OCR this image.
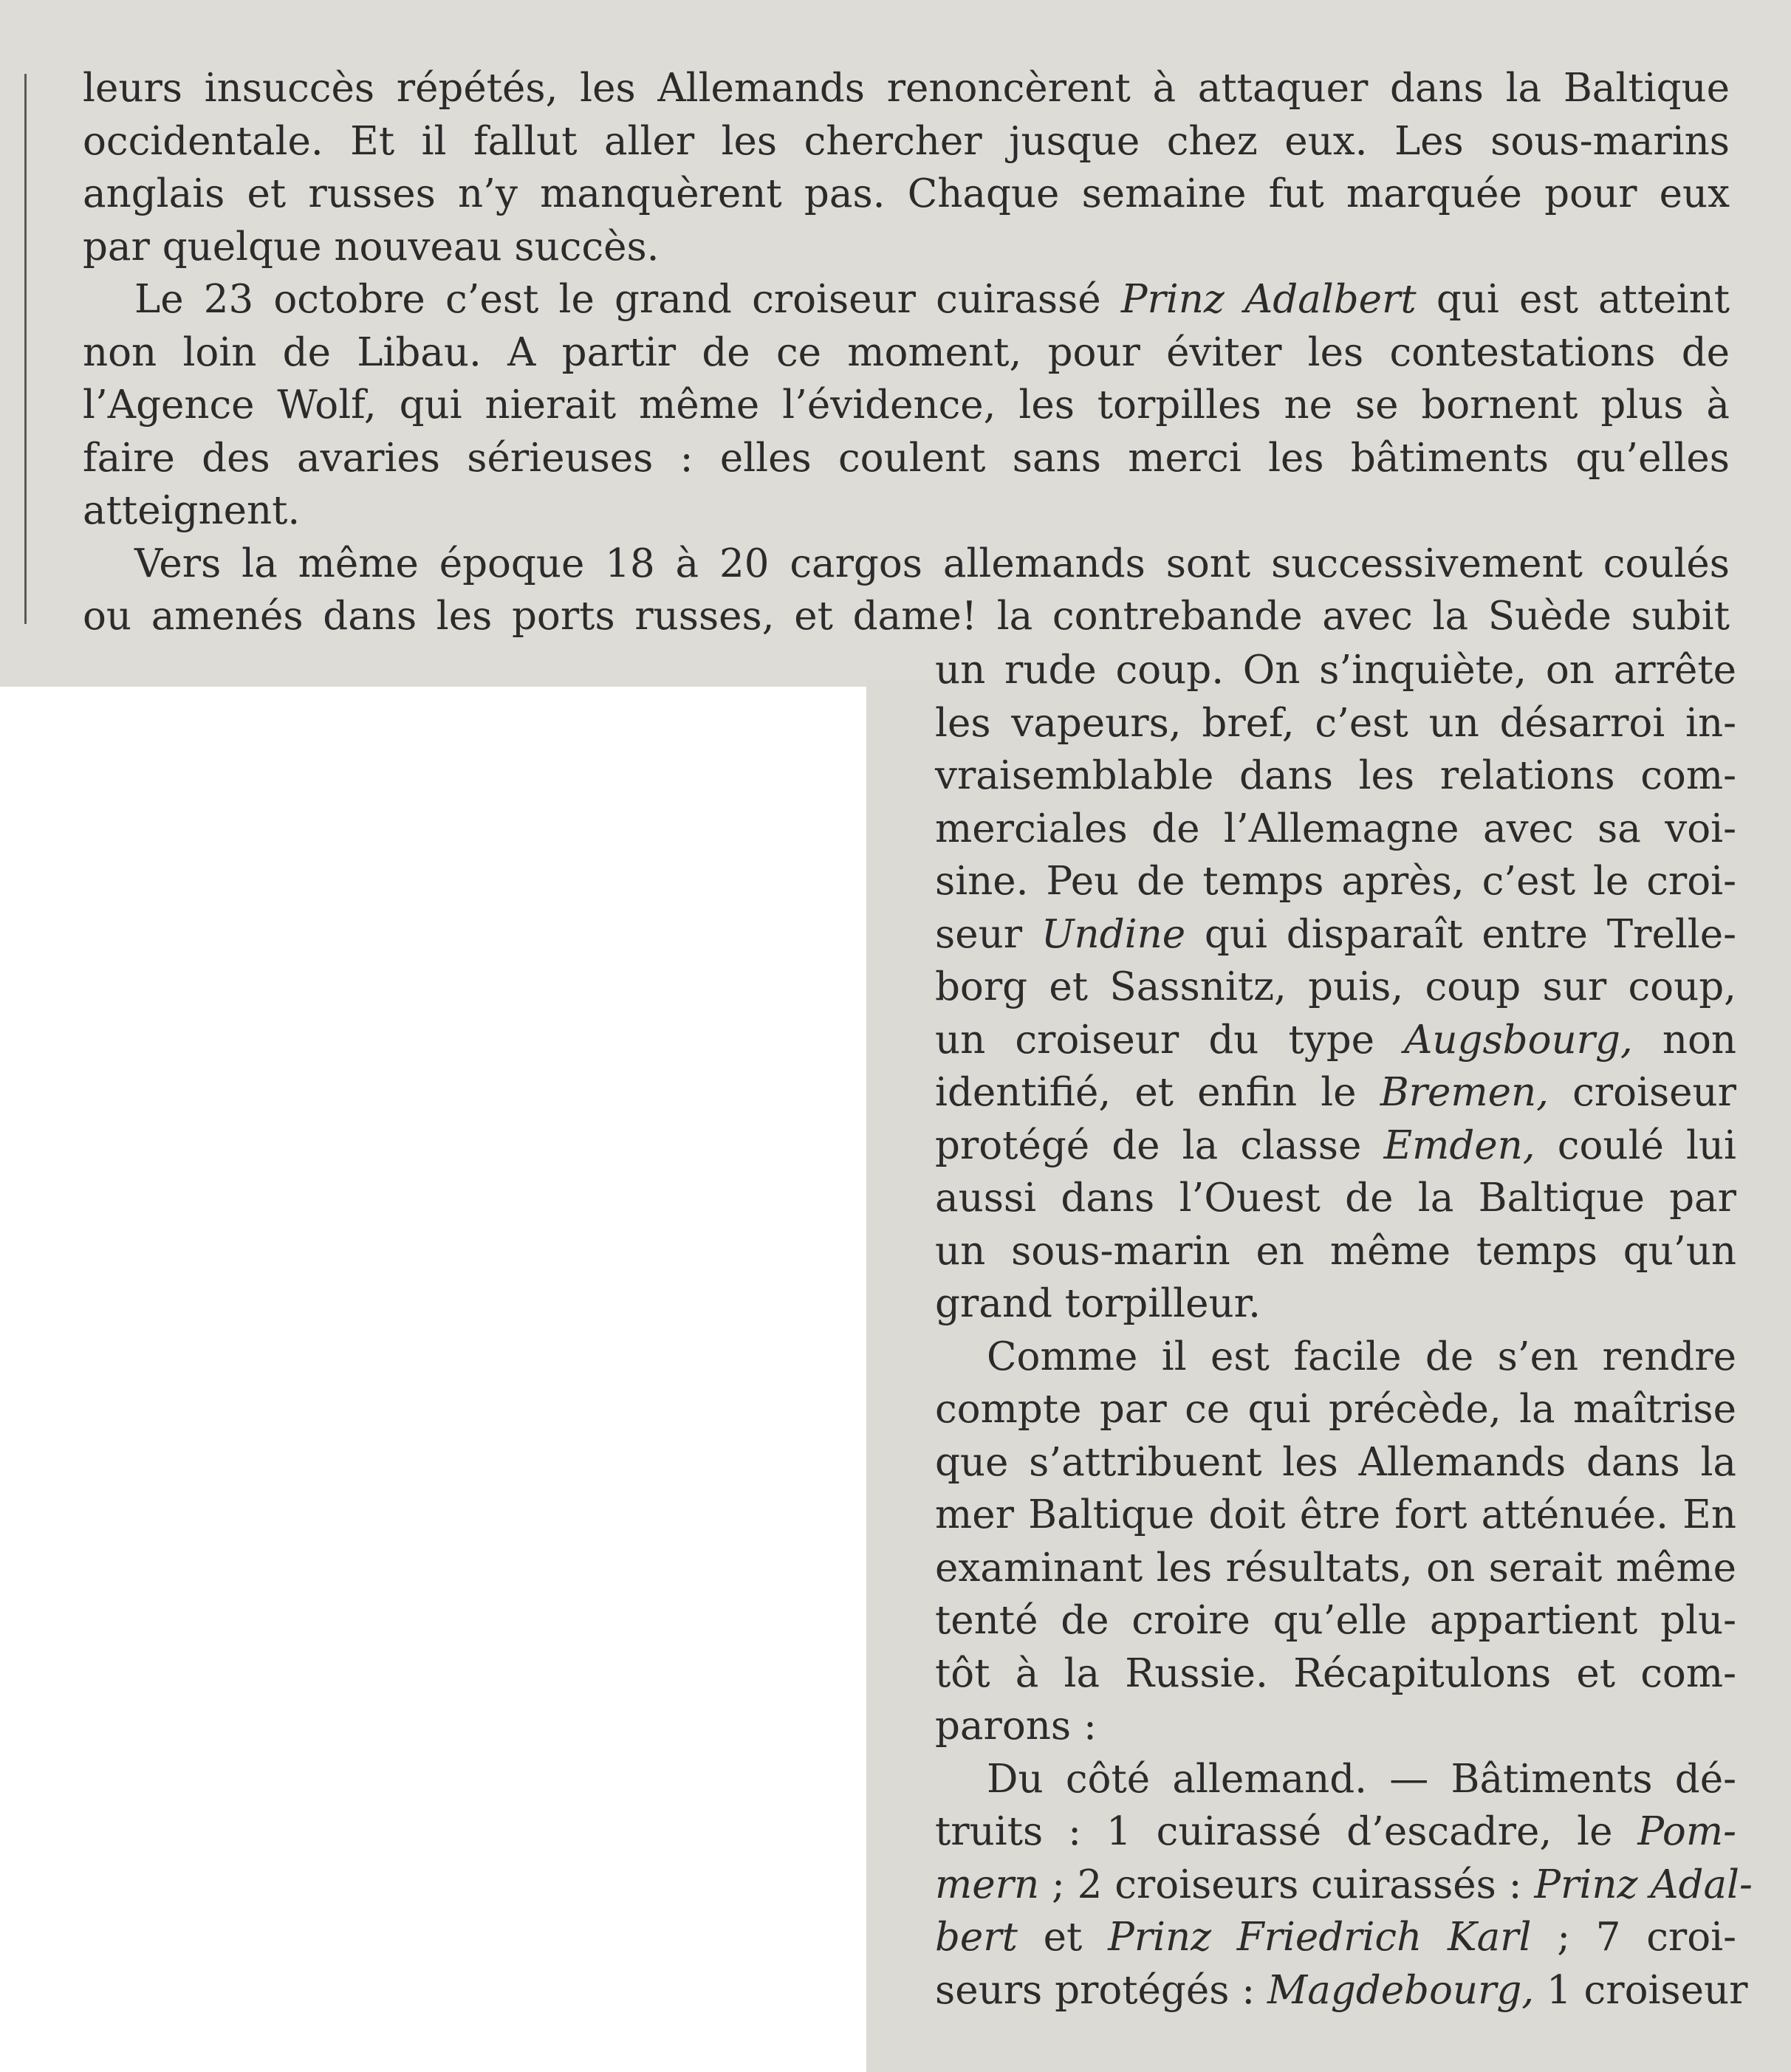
leurs insuccès répétés, les Allemands renoncèrent à attaquer dans la Baltique
occidentale. Et il fallut aller les chercher jusque chez eux. Les sous-marins
anglais et russes n’y manquèrent pas. Chaque semaine fut marquée pour eux
par quelque nouveau succès.
Le 23 octobre c’est le grand croiseur cuirassé Prinz Adalbert qui est atteint
non loin de Libau. A partir de ce moment, pour éviter les contestations de
l’Agence Wolf, qui nierait même l’évidence, les torpilles ne se bornent plus à
faire des avaries sérieuses : elles coulent sans merci les bâtiments qu’elles
atteignent.
Vers la même époque 18 à 20 cargos allemands sont successivement coulés
ou amenés dans les ports russes, et dame! la contrebande avec la Suède subit
un rude coup. On s’inquiète, on arrête
les vapeurs, bref, c’est un désarroi in-
vraisemblable dans les relations com-
merciales de l’Allemagne avec sa voi-
sine. Peu de temps après, c’est le croi-
seur Undine qui disparaît entre Trelle-
borg et Sassnitz, puis, coup sur coup,
un croiseur du type Augsbourg, non
identifié, et enfin le Bremen, croiseur
protégé de la classe Emden, coulé lui
aussi dans l’Ouest de la Baltique par
un sous-marin en même temps qu’un
grand torpilleur.
Comme il est facile de s’en rendre
compte par ce qui précède, la maîtrise
que s’attribuent les Allemands dans la
mer Baltique doit être fort atténuée. En
examinant les résultats, on serait même
tenté de croire qu’elle appartient plu-
tôt à la Russie. Récapitulons et com-
parons :
Du côté allemand. — Bâtiments dé-
truits : 1 cuirassé d’escadre, le Pom-
mern ; 2 croiseurs cuirassés : Prinz Adal-
bert et Prinz Friedrich Karl ; 7 croi-
seurs protégés : Magdebourg, 1 croiseur
